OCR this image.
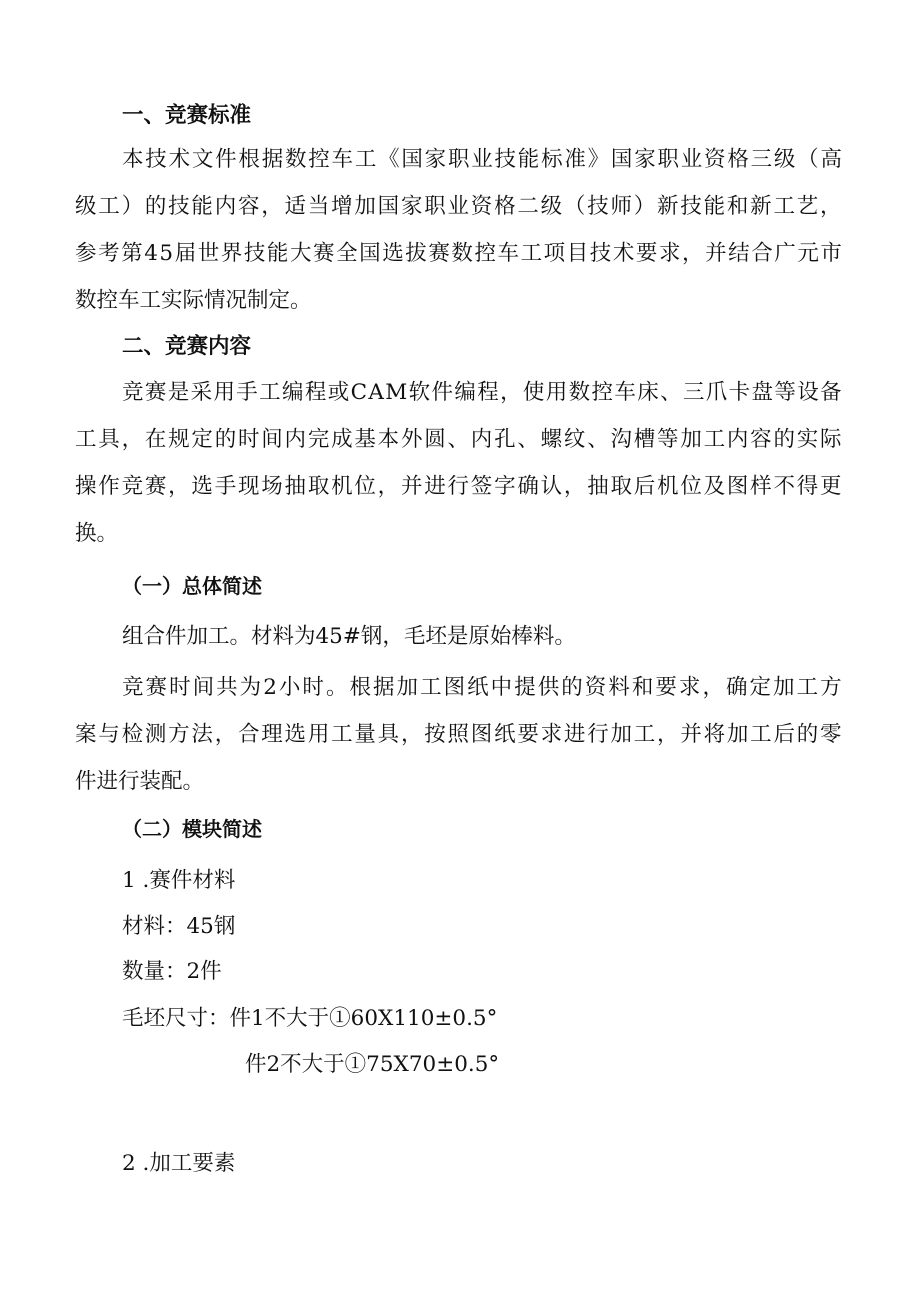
一、竞赛标准
本 技 术 文 件 根 据 数 控 车 工 《 国 家 职 业 技 能 标 准 》 国 家 职 业 资 格 三 级 （ 高
级 工 ） 的 技 能 内 容 ， 适 当 增 加 国 家 职 业 资 格 二 级 （ 技 师 ） 新 技 能 和 新 工 艺 ，
参 考 第 4 5 届 世 界 技 能 大 赛 全 国 选 拔 赛 数 控 车 工 项 目 技 术 要 求 ， 并 结 合 广 元 市
数控车工实际情况制定。
二、竞赛内容
竞 赛 是 采 用 手 工 编 程 或 C A M 软 件 编 程 ， 使 用 数 控 车 床 、 三 爪 卡 盘 等 设 备
工 具 ， 在 规 定 的 时 间 内 完 成 基 本 外 圆 、 内 孔 、 螺 纹 、 沟 槽 等 加 工 内 容 的 实 际
操 作 竞 赛 ， 选 手 现 场 抽 取 机 位 ， 并 进 行 签 字 确 认 ， 抽 取 后 机 位 及 图 样 不 得 更
换。
（一）总体简述
组合件加工。材料为45#钢，毛坯是原始棒料。
竞 赛 时 间 共 为 2 小 时 。 根 据 加 工 图 纸 中 提 供 的 资 料 和 要 求 ， 确 定 加 工 方
案 与 检 测 方 法 ， 合 理 选 用 工 量 具 ， 按 照 图 纸 要 求 进 行 加 工 ， 并 将 加 工 后 的 零
件进行装配。
（二）模块简述
1 .赛件材料
材料：45钢
数量：2件
毛坯尺寸：件1不大于①60X110±0.5°
件2不大于①75X70±0.5°
2 .加工要素
